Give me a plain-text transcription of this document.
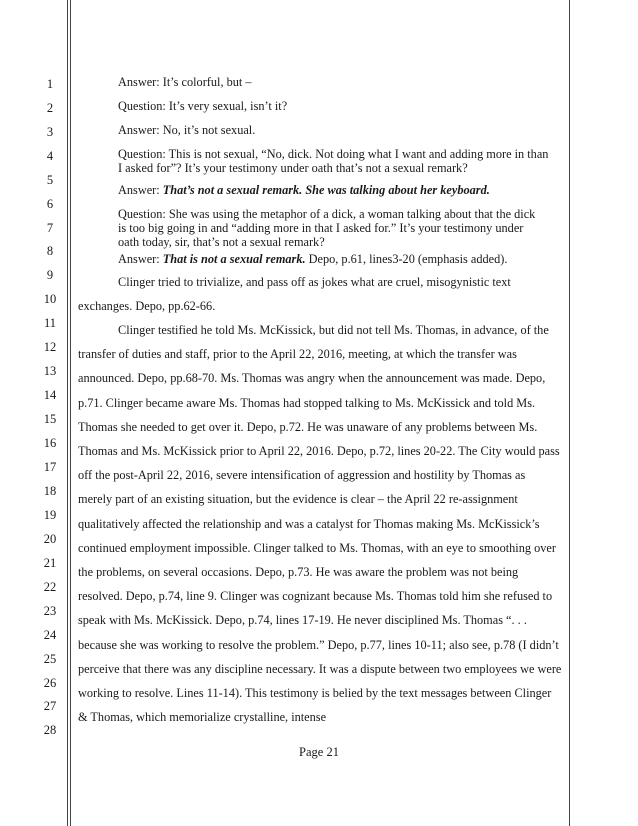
1
2
3
4
5
6
7
8
9
10
11
12
13
14
15
16
17
18
19
20
21
22
23
24
25
26
27
28

Answer: It’s colorful, but –

Question: It’s very sexual, isn’t it?

Answer: No, it’s not sexual.

Question: This is not sexual, “No, dick. Not doing what I want and adding more in than
I asked for”? It’s your testimony under oath that’s not a sexual remark?

Answer: That’s not a sexual remark. She was talking about her keyboard.

Question: She was using the metaphor of a dick, a woman talking about that the dick
is too big going in and “adding more in that I asked for.” It’s your testimony under
oath today, sir, that’s not a sexual remark?

Answer: That is not a sexual remark. Depo, p.61, lines3-20 (emphasis added).

Clinger tried to trivialize, and pass off as jokes what are cruel, misogynistic text exchanges. Depo, pp.62-66.

Clinger testified he told Ms. McKissick, but did not tell Ms. Thomas, in advance, of the transfer of duties and staff, prior to the April 22, 2016, meeting, at which the transfer was announced. Depo, pp.68-70. Ms. Thomas was angry when the announcement was made. Depo, p.71. Clinger became aware Ms. Thomas had stopped talking to Ms. McKissick and told Ms. Thomas she needed to get over it. Depo, p.72. He was unaware of any problems between Ms. Thomas and Ms. McKissick prior to April 22, 2016. Depo, p.72, lines 20-22. The City would pass off the post-April 22, 2016, severe intensification of aggression and hostility by Thomas as merely part of an existing situation, but the evidence is clear – the April 22 re-assignment qualitatively affected the relationship and was a catalyst for Thomas making Ms. McKissick’s continued employment impossible. Clinger talked to Ms. Thomas, with an eye to smoothing over the problems, on several occasions. Depo, p.73. He was aware the problem was not being resolved. Depo, p.74, line 9. Clinger was cognizant because Ms. Thomas told him she refused to speak with Ms. McKissick. Depo, p.74, lines 17-19. He never disciplined Ms. Thomas “. . . because she was working to resolve the problem.” Depo, p.77, lines 10-11; also see, p.78 (I didn’t perceive that there was any discipline necessary. It was a dispute between two employees we were working to resolve. Lines 11-14). This testimony is belied by the text messages between Clinger & Thomas, which memorialize crystalline, intense

Page 21
